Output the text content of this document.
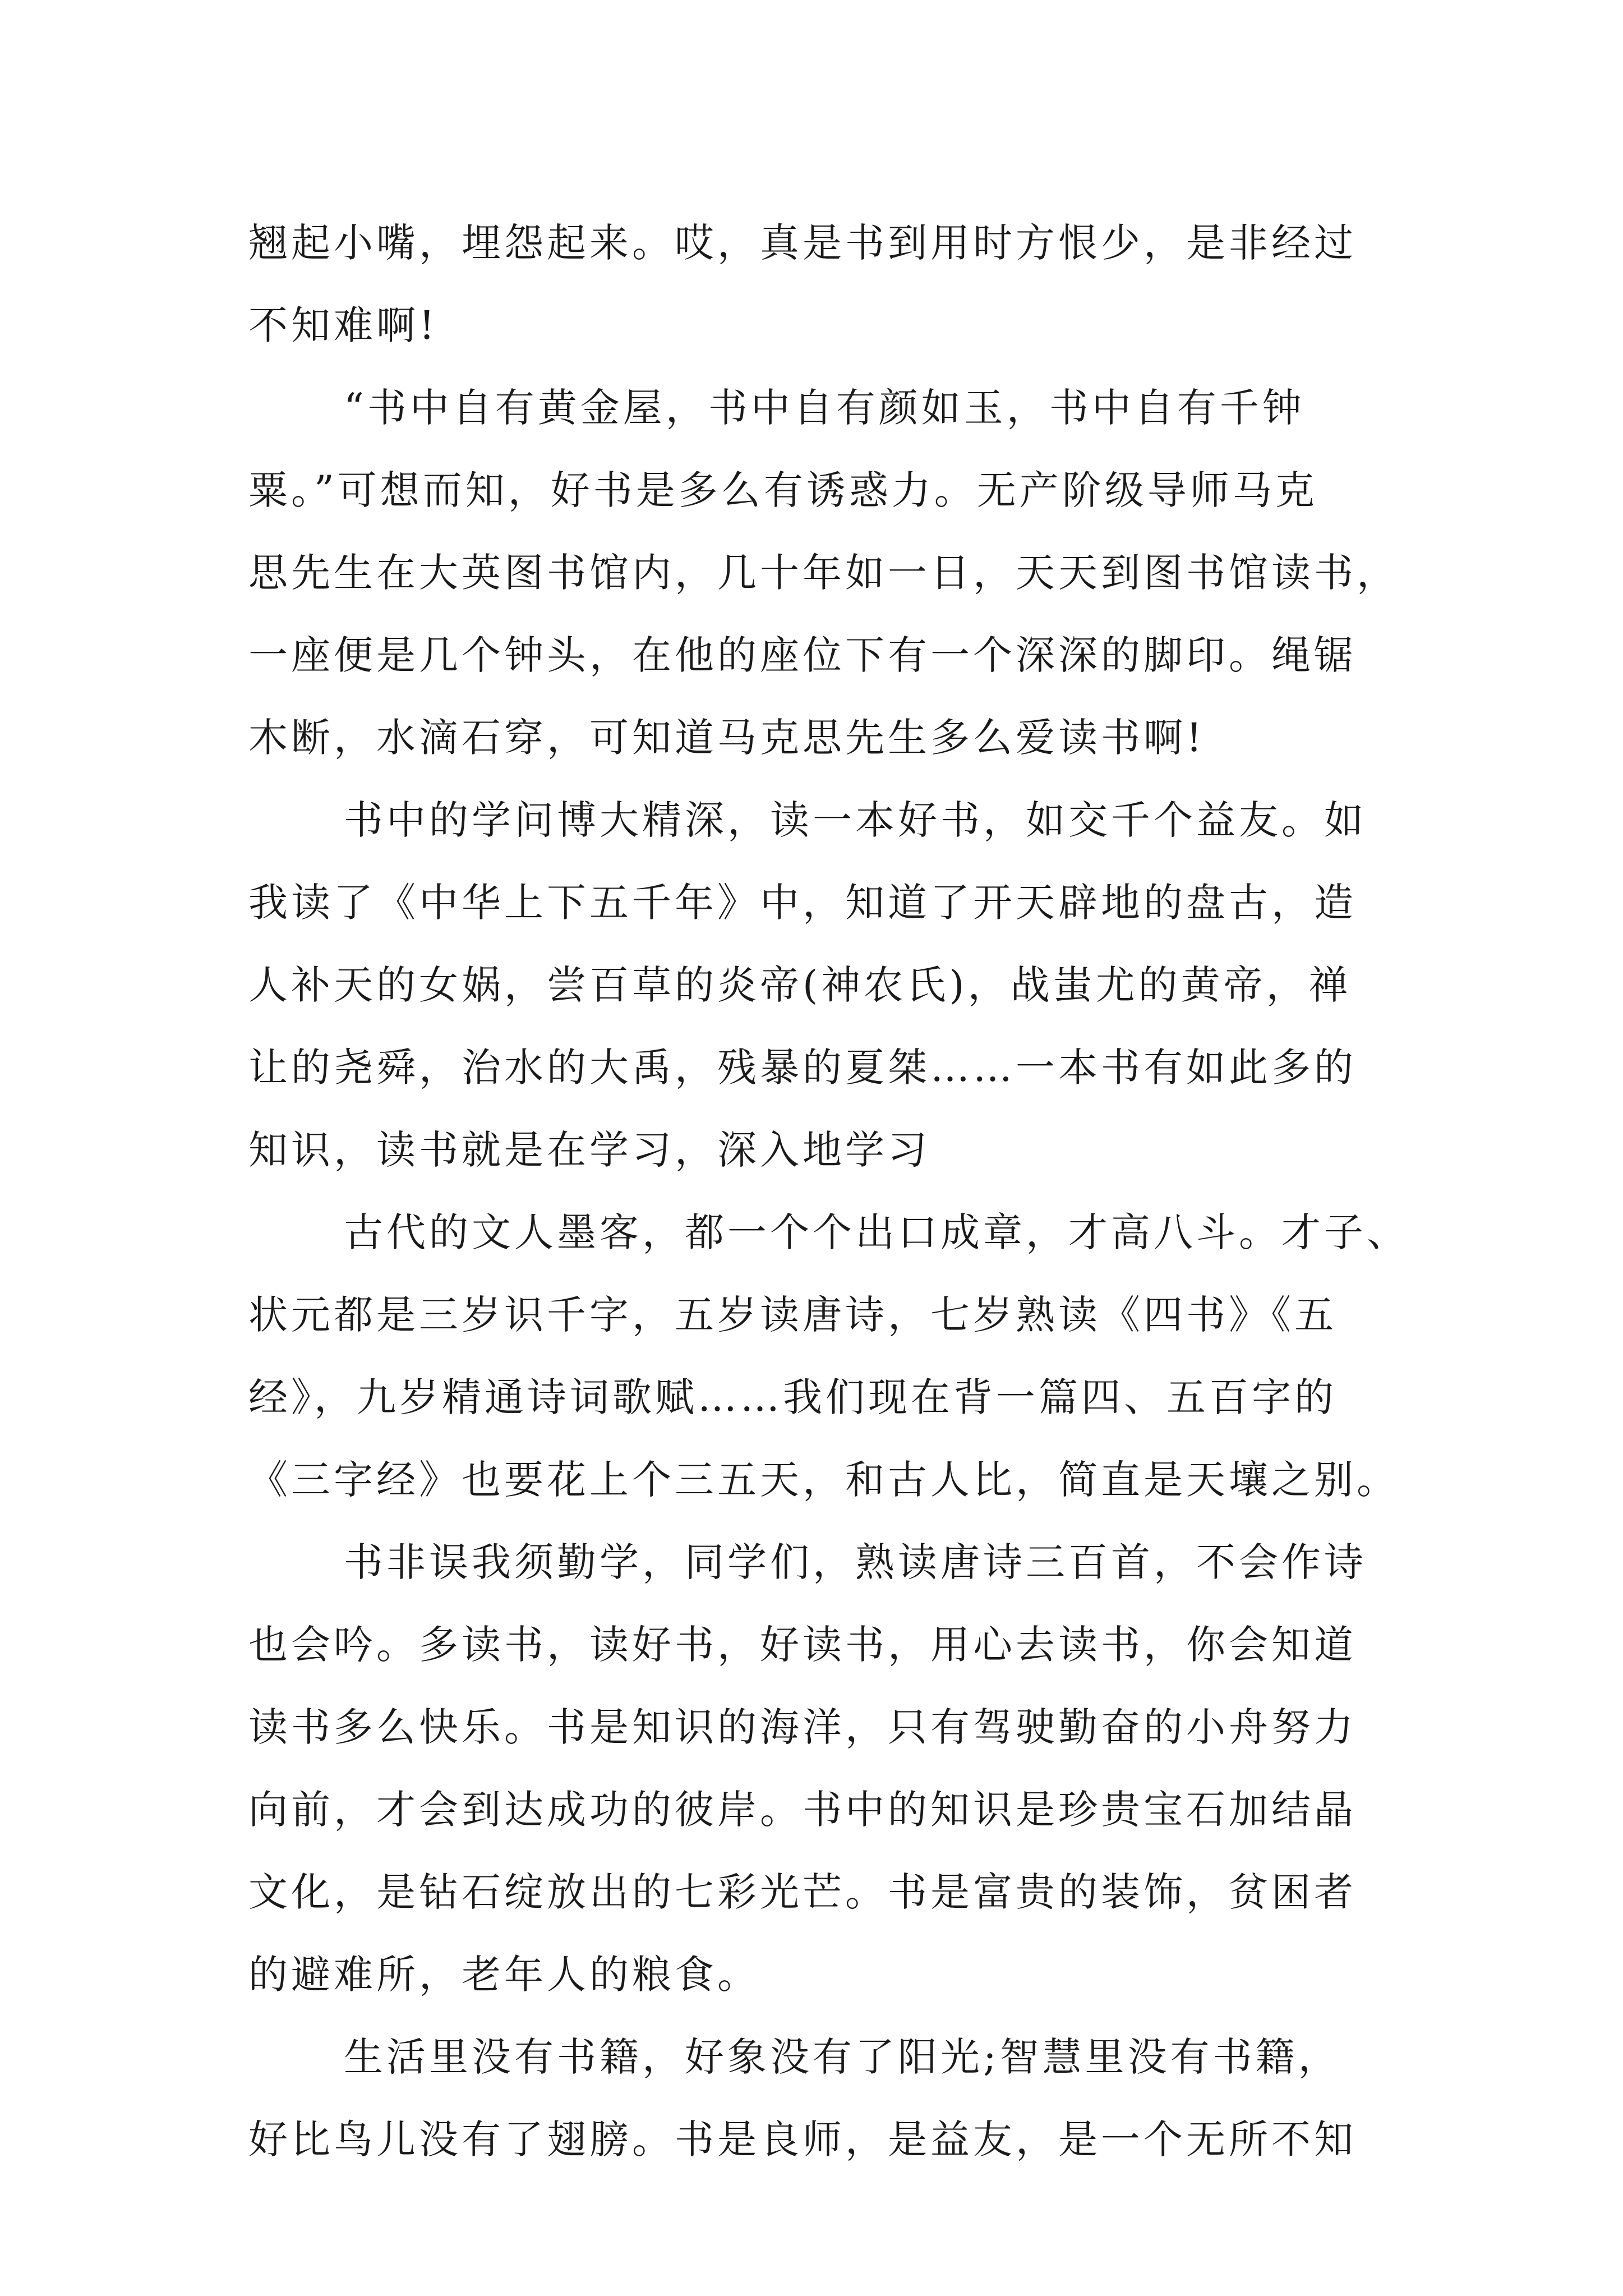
翘起小嘴，埋怨起来。哎，真是书到用时方恨少，是非经过
不知难啊!
“书中自有黄金屋，书中自有颜如玉，书中自有千钟
粟。”可想而知，好书是多么有诱惑力。无产阶级导师马克
思先生在大英图书馆内，几十年如一日，天天到图书馆读书，
一座便是几个钟头，在他的座位下有一个深深的脚印。绳锯
木断，水滴石穿，可知道马克思先生多么爱读书啊!
书中的学问博大精深，读一本好书，如交千个益友。如
我读了《中华上下五千年》中，知道了开天辟地的盘古，造
人补天的女娲，尝百草的炎帝(神农氏)，战蚩尤的黄帝，禅
让的尧舜，治水的大禹，残暴的夏桀……一本书有如此多的
知识，读书就是在学习，深入地学习
古代的文人墨客，都一个个出口成章，才高八斗。才子、
状元都是三岁识千字，五岁读唐诗，七岁熟读《四书》《五
经》，九岁精通诗词歌赋……我们现在背一篇四、五百字的
《三字经》也要花上个三五天，和古人比，简直是天壤之别。
书非误我须勤学，同学们，熟读唐诗三百首，不会作诗
也会吟。多读书，读好书，好读书，用心去读书，你会知道
读书多么快乐。书是知识的海洋，只有驾驶勤奋的小舟努力
向前，才会到达成功的彼岸。书中的知识是珍贵宝石加结晶
文化，是钻石绽放出的七彩光芒。书是富贵的装饰，贫困者
的避难所，老年人的粮食。
生活里没有书籍，好象没有了阳光;智慧里没有书籍，
好比鸟儿没有了翅膀。书是良师，是益友，是一个无所不知
